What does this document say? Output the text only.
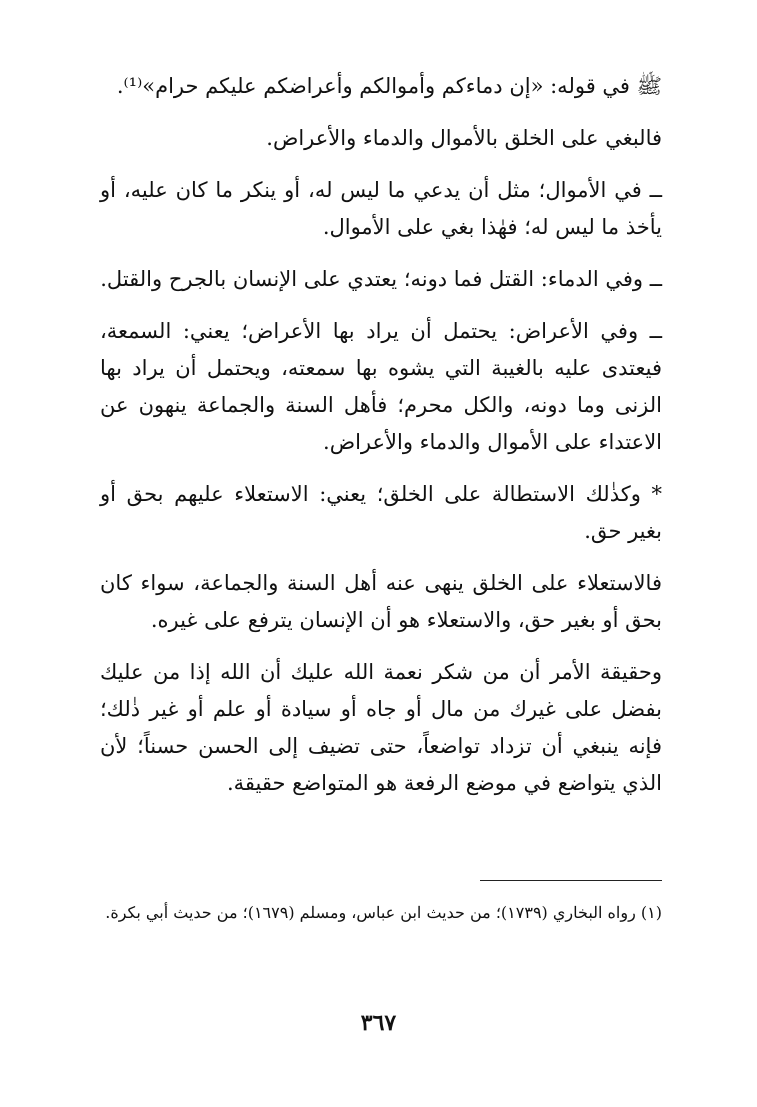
ﷺ في قوله: «إن دماءكم وأموالكم وأعراضكم عليكم حرام»⁽¹⁾.

فالبغي على الخلق بالأموال والدماء والأعراض.

ــ في الأموال؛ مثل أن يدعي ما ليس له، أو ينكر ما كان عليه، أو يأخذ ما ليس له؛ فهٰذا بغي على الأموال.

ــ وفي الدماء: القتل فما دونه؛ يعتدي على الإنسان بالجرح والقتل.

ــ وفي الأعراض: يحتمل أن يراد بها الأعراض؛ يعني: السمعة، فيعتدى عليه بالغيبة التي يشوه بها سمعته، ويحتمل أن يراد بها الزنى وما دونه، والكل محرم؛ فأهل السنة والجماعة ينهون عن الاعتداء على الأموال والدماء والأعراض.

* وكذٰلك الاستطالة على الخلق؛ يعني: الاستعلاء عليهم بحق أو بغير حق.

فالاستعلاء على الخلق ينهى عنه أهل السنة والجماعة، سواء كان بحق أو بغير حق، والاستعلاء هو أن الإنسان يترفع على غيره.

وحقيقة الأمر أن من شكر نعمة الله عليك أن الله إذا من عليك بفضل على غيرك من مال أو جاه أو سيادة أو علم أو غير ذٰلك؛ فإنه ينبغي أن تزداد تواضعاً، حتى تضيف إلى الحسن حسناً؛ لأن الذي يتواضع في موضع الرفعة هو المتواضع حقيقة.

(١) رواه البخاري (١٧٣٩)؛ من حديث ابن عباس، ومسلم (١٦٧٩)؛ من حديث أبي بكرة.
٣٦٧
